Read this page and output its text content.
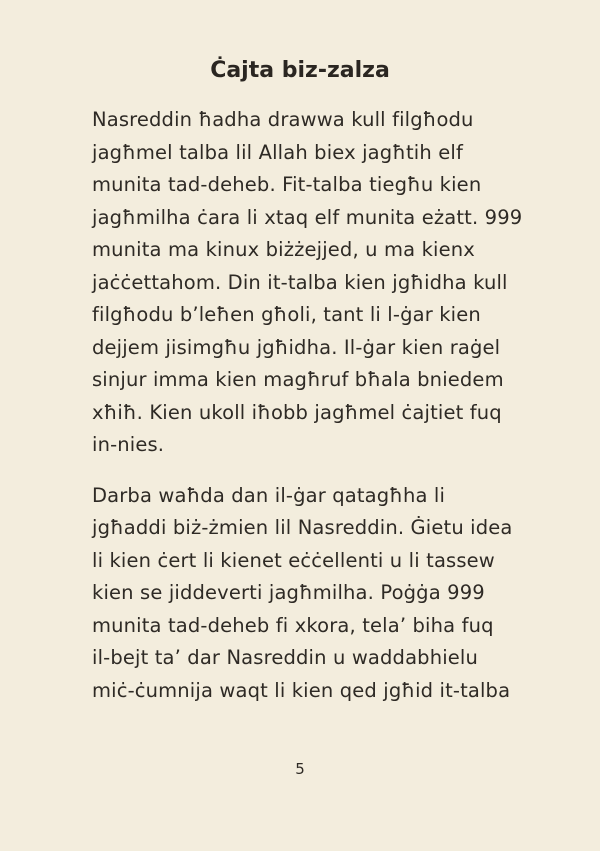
Ċajta biz-zalza

Nasreddin ħadha drawwa kull filgħodu
jagħmel talba lil Allah biex jagħtih elf
munita tad-deheb. Fit-talba tiegħu kien
jagħmilha ċara li xtaq elf munita eżatt. 999
munita ma kinux biżżejjed, u ma kienx
jaċċettahom. Din it-talba kien jgħidha kull
filgħodu b’leħen għoli, tant li l-ġar kien
dejjem jisimgħu jgħidha. Il-ġar kien raġel
sinjur imma kien magħruf bħala bniedem
xħiħ. Kien ukoll iħobb jagħmel ċajtiet fuq
in-nies.

Darba waħda dan il-ġar qatagħha li
jgħaddi biż-żmien lil Nasreddin. Ġietu idea
li kien ċert li kienet eċċellenti u li tassew
kien se jiddeverti jagħmilha. Poġġa 999
munita tad-deheb fi xkora, tela’ biha fuq
il-bejt ta’ dar Nasreddin u waddabhielu
miċ-ċumnija waqt li kien qed jgħid it-talba

5
